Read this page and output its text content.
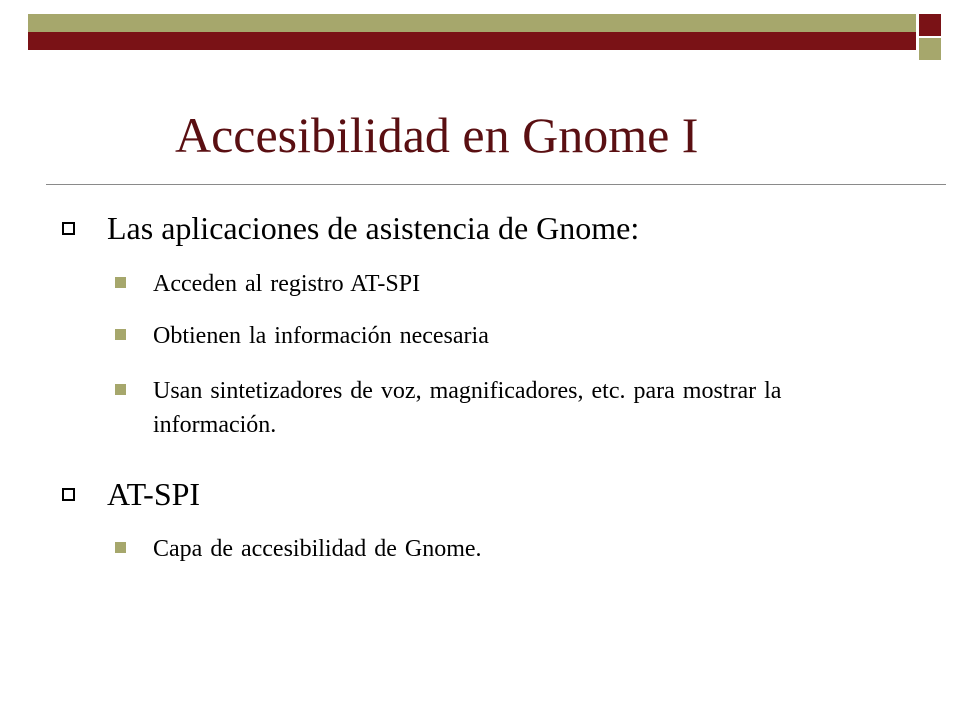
Accesibilidad en Gnome I
Las aplicaciones de asistencia de Gnome:
Acceden al registro AT-SPI
Obtienen la información necesaria
Usan sintetizadores de voz, magnificadores, etc. para mostrar la información.
AT-SPI
Capa de accesibilidad de Gnome.
